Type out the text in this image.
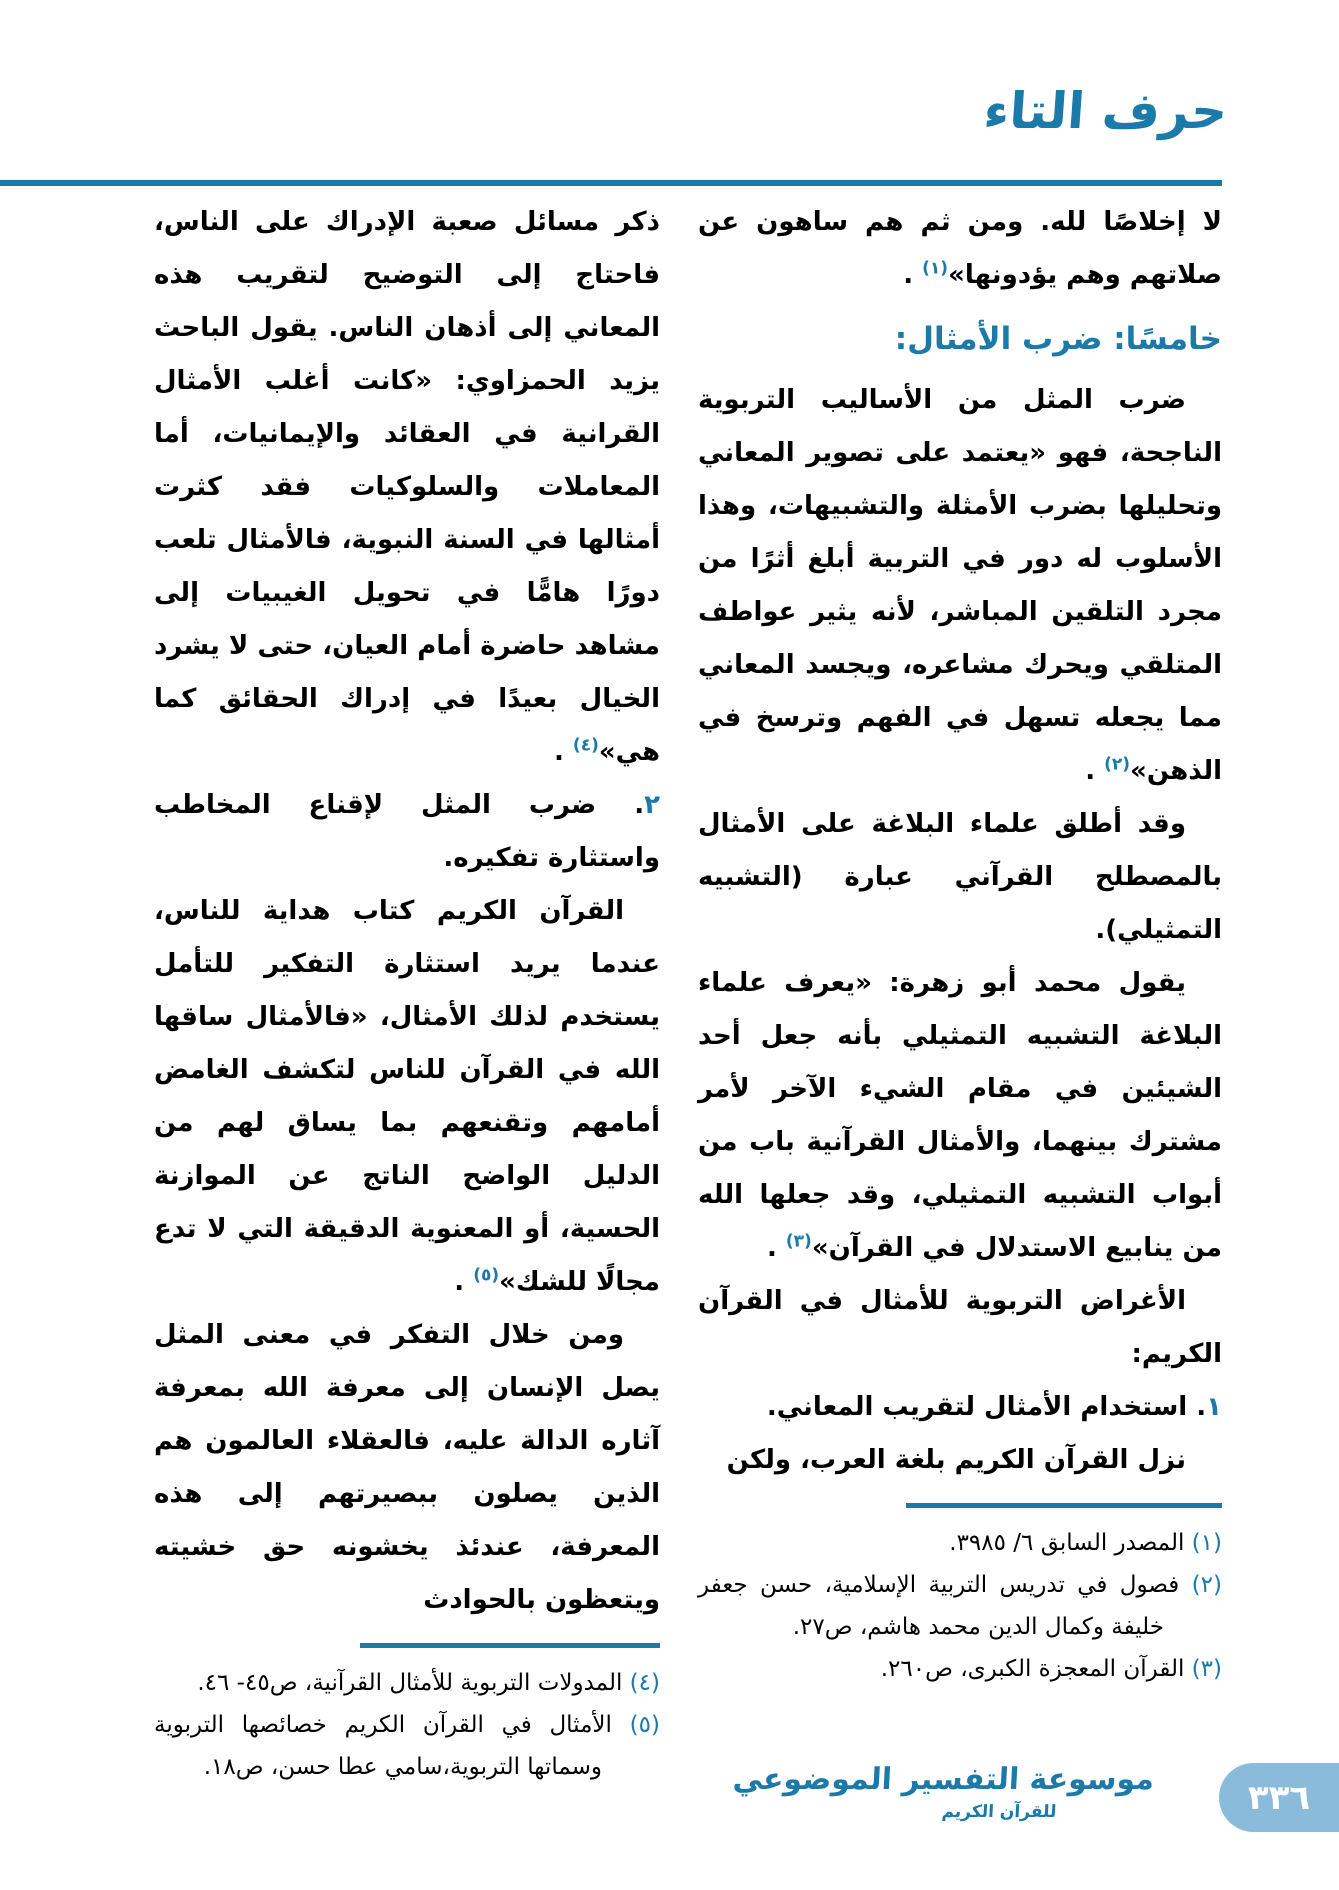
حرف التاء
لا إخلاصًا لله. ومن ثم هم ساهون عن صلاتهم وهم يؤدونها»$^{(١)}$ .
خامسًا: ضرب الأمثال:
ضرب المثل من الأساليب التربوية الناجحة، فهو «يعتمد على تصوير المعاني وتحليلها بضرب الأمثلة والتشبيهات، وهذا الأسلوب له دور في التربية أبلغ أثرًا من مجرد التلقين المباشر، لأنه يثير عواطف المتلقي ويحرك مشاعره، ويجسد المعاني مما يجعله تسهل في الفهم وترسخ في الذهن»$^{(٢)}$ .
وقد أطلق علماء البلاغة على الأمثال بالمصطلح القرآني عبارة (التشبيه التمثيلي).
يقول محمد أبو زهرة: «يعرف علماء البلاغة التشبيه التمثيلي بأنه جعل أحد الشيئين في مقام الشيء الآخر لأمر مشترك بينهما، والأمثال القرآنية باب من أبواب التشبيه التمثيلي، وقد جعلها الله من ينابيع الاستدلال في القرآن»$^{(٣)}$ .
الأغراض التربوية للأمثال في القرآن الكريم:
١. استخدام الأمثال لتقريب المعاني.
نزل القرآن الكريم بلغة العرب، ولكن
(١) المصدر السابق ٦/ ٣٩٨٥.
(٢) فصول في تدريس التربية الإسلامية، حسن جعفر خليفة وكمال الدين محمد هاشم، ص٢٧.
(٣) القرآن المعجزة الكبرى، ص٢٦٠.
ذكر مسائل صعبة الإدراك على الناس، فاحتاج إلى التوضيح لتقريب هذه المعاني إلى أذهان الناس. يقول الباحث يزيد الحمزاوي: «كانت أغلب الأمثال القرانية في العقائد والإيمانيات، أما المعاملات والسلوكيات فقد كثرت أمثالها في السنة النبوية، فالأمثال تلعب دورًا هامًّا في تحويل الغيبيات إلى مشاهد حاضرة أمام العيان، حتى لا يشرد الخيال بعيدًا في إدراك الحقائق كما هي»$^{(٤)}$ .
٢. ضرب المثل لإقناع المخاطب واستثارة تفكيره.
القرآن الكريم كتاب هداية للناس، عندما يريد استثارة التفكير للتأمل يستخدم لذلك الأمثال، «فالأمثال ساقها الله في القرآن للناس لتكشف الغامض أمامهم وتقنعهم بما يساق لهم من الدليل الواضح الناتج عن الموازنة الحسية، أو المعنوية الدقيقة التي لا تدع مجالًا للشك»$^{(٥)}$ .
ومن خلال التفكر في معنى المثل يصل الإنسان إلى معرفة الله بمعرفة آثاره الدالة عليه، فالعقلاء العالمون هم الذين يصلون ببصيرتهم إلى هذه المعرفة، عندئذ يخشونه حق خشيته ويتعظون بالحوادث
(٤) المدولات التربوية للأمثال القرآنية، ص٤٥- ٤٦.
(٥) الأمثال في القرآن الكريم خصائصها التربوية وسماتها التربوية،سامي عطا حسن، ص١٨.	موسوعة التفسير الموضوعي
للقرآن الكريم	٣٣٦
